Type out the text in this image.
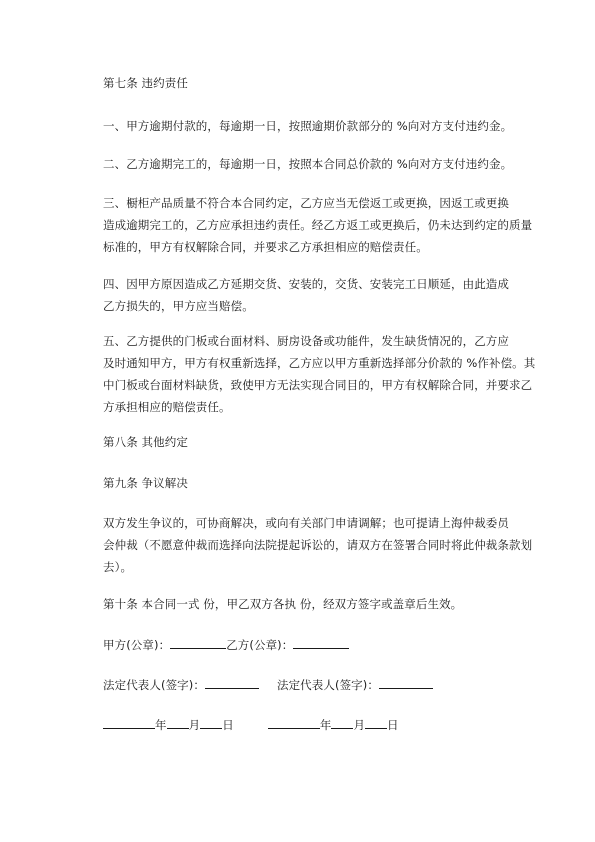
第七条 违约责任

一、甲方逾期付款的，每逾期一日，按照逾期价款部分的 %向对方支付违约金。

二、乙方逾期完工的，每逾期一日，按照本合同总价款的 %向对方支付违约金。

三、橱柜产品质量不符合本合同约定，乙方应当无偿返工或更换，因返工或更换
造成逾期完工的，乙方应承担违约责任。经乙方返工或更换后，仍未达到约定的质量
标准的，甲方有权解除合同，并要求乙方承担相应的赔偿责任。
四、因甲方原因造成乙方延期交货、安装的，交货、安装完工日顺延，由此造成
乙方损失的，甲方应当赔偿。
五、乙方提供的门板或台面材料、厨房设备或功能件，发生缺货情况的，乙方应
及时通知甲方，甲方有权重新选择，乙方应以甲方重新选择部分价款的 %作补偿。其
中门板或台面材料缺货，致使甲方无法实现合同目的，甲方有权解除合同，并要求乙
方承担相应的赔偿责任。

第八条 其他约定

第九条 争议解决

双方发生争议的，可协商解决，或向有关部门申请调解；也可提请上海仲裁委员
会仲裁（不愿意仲裁而选择向法院提起诉讼的，请双方在签署合同时将此仲裁条款划
去）。

第十条 本合同一式 份，甲乙双方各执 份，经双方签字或盖章后生效。

甲方(公章)：	乙方(公章)：
法定代表人(签字)：	法定代表人(签字)：
年 月 日	年 月 日
